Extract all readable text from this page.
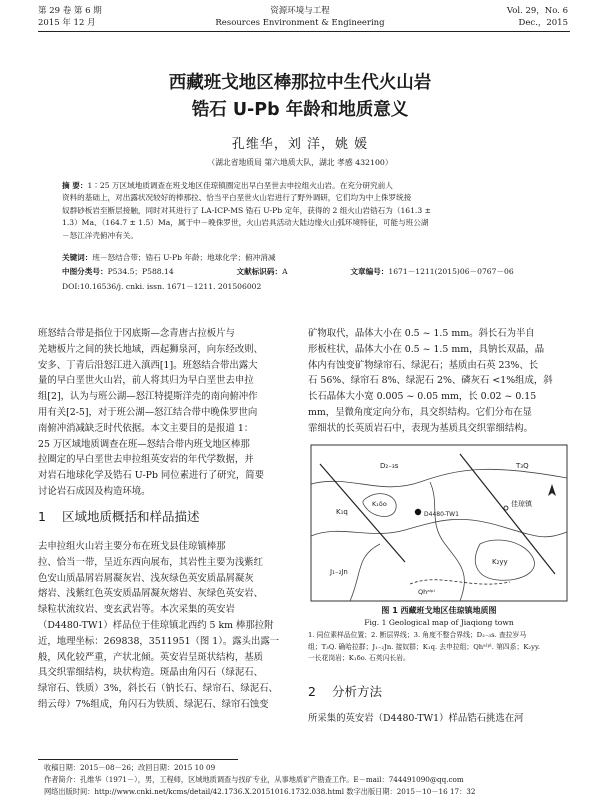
第 29 卷 第 6 期
2015 年 12 月
资源环境与工程
Resources Environment & Engineering
Vol. 29，No. 6
Dec.，2015
西藏班戈地区棒那拉中生代火山岩
锆石 U-Pb 年龄和地质意义
孔维华，刘 洋，姚 媛
（湖北省地质局 第六地质大队，湖北 孝感 432100）
摘 要：1∶25 万区域地质调查在班戈地区佳琼镇圈定出早白垩世去申拉组火山岩。在充分研究前人
资料的基础上，对出露状况较好的棒那拉、恰当平白垩世火山岩进行了野外调研，它们均为中上侏罗统接
奴群砂板岩至断层接触，同时对其进行了 LA-ICP-MS 锆石 U-Pb 定年，获得的 2 组火山岩锆石为（161.3 ±
1.3）Ma、（164.7 ± 1.5）Ma，属于中－晚侏罗世，火山岩具活动大陆边缘火山弧环境特征，可能与班公湖
－怒江洋壳俯冲有关。
关键词：班－怒结合带；锆石 U-Pb 年龄；地球化学；俯冲消减
中图分类号：P534.5；P588.14	文献标识码：A	文章编号：1671－1211(2015)06－0767－06
DOI:10.16536/j. cnki. issn. 1671－1211. 201506002
班怒结合带是指位于冈底斯—念青唐古拉板片与
羌塘板片之间的狭长地域，西起狮泉河，向东经改则、
安多、丁青后沿怒江进入滇西[1]。班怒结合带出露大
量的早白垩世火山岩，前人将其归为早白垩世去申拉
组[2]，认为与班公湖—怒江特提斯洋壳的南向俯冲作
用有关[2-5]，对于班公湖—怒江结合带中晚侏罗世向
南俯冲消减缺乏时代依据。本文主要目的是报道 1：
25 万区域地质调查在班—怒结合带内班戈地区棒那
拉圈定的早白垩世去申拉组英安岩的年代学数据，并
对岩石地球化学及锆石 U-Pb 同位素进行了研究，简要
讨论岩石成因及构造环境。
1 区域地质概括和样品描述
去申拉组火山岩主要分布在班戈县佳琼镇棒那
拉、恰当一带，呈近东西向展布，其岩性主要为浅紫红
色安山质晶屑岩屑凝灰岩、浅灰绿色英安质晶屑凝灰
熔岩、浅紫红色英安质晶屑凝灰熔岩、灰绿色英安岩、
绿粒状流纹岩、变玄武岩等。本次采集的英安岩
（D4480-TW1）样品位于佳琼镇北西约 5 km 棒那拉附
近，地理坐标：269838，3511951（图 1）。露头出露一
般，风化较严重，产状北倾。英安岩呈斑状结构，基质
具交织霏细结构，块状构造。斑晶由角闪石（绿泥石、
绿帘石、铁质）3%，斜长石（钠长石、绿帘石、绿泥石、
绢云母）7%组成，角闪石为铁质、绿泥石、绿帘石蚀变
矿物取代，晶体大小在 0.5 ~ 1.5 mm。斜长石为半自
形板柱状，晶体大小在 0.5 ~ 1.5 mm，具钠长双晶，晶
体内有蚀变矿物绿帘石、绿泥石；基质由石英 23%、长
石 56%、绿帘石 8%、绿泥石 2%、磷灰石 <1%组成，斜
长石晶体大小宽 0.005 ~ 0.05 mm，长 0.02 ~ 0.15
mm，呈微角度定向分布，具交织结构。它们分布在显
霏细状的长英质岩石中，表现为基质具交织霏细结构。
K₁q
T₃Q
D₂₋₃s
J₁₋₂Jn
K₂yy
K₁δo
Qhᵃˡᵖˡ
佳琼镇
D4480-TW1
图 1 西藏班戈地区佳琼镇地质图
Fig. 1 Geological map of Jiaqiong town
1. 同位素样品位置；2. 断层界线；3. 角度不整合界线；D₂₋₃s. 查拉岁马
组；T₃Q. 确哈拉群；J₁₋₂Jn. 接奴群；K₁q. 去申拉组；Qhᵃˡᵖˡ. 第四系；K₂yy.
一长花岗岩；K₁δo. 石英闪长岩。
2 分析方法
所采集的英安岩（D4480-TW1）样品锆石挑选在河
收稿日期：2015－08－26；改回日期：2015 10 09
作者简介：孔维华（1971－），男，工程师，区域地质调查与找矿专业，从事地质矿产勘查工作。E－mail：744491090@qq.com
网络出版时间：http://www.cnki.net/kcms/detail/42.1736.X.20151016.1732.038.html 数字出版日期：2015－10－16 17：32
